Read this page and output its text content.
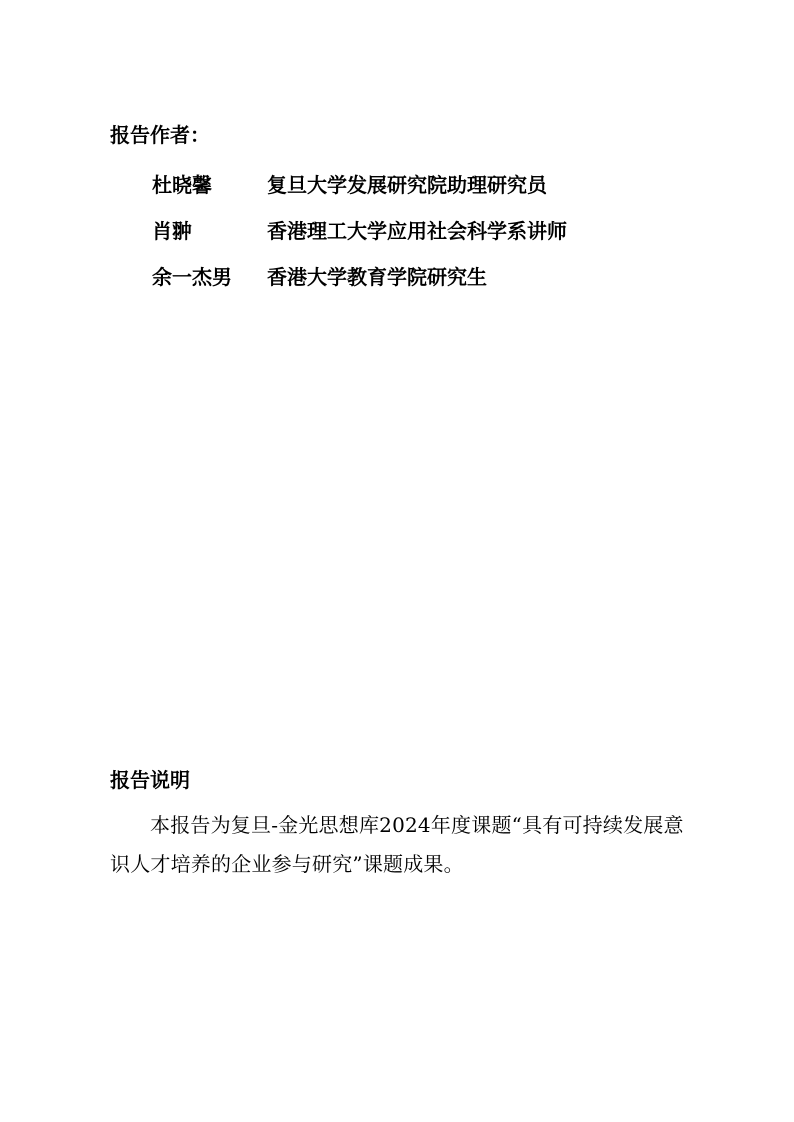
报告作者：
杜晓馨	复旦大学发展研究院助理研究员
肖翀	香港理工大学应用社会科学系讲师
余一杰男 香港大学教育学院研究生
报告说明
本报告为复旦-金光思想库2024年度课题“具有可持续发展意识人才培养的企业参与研究”课题成果。
